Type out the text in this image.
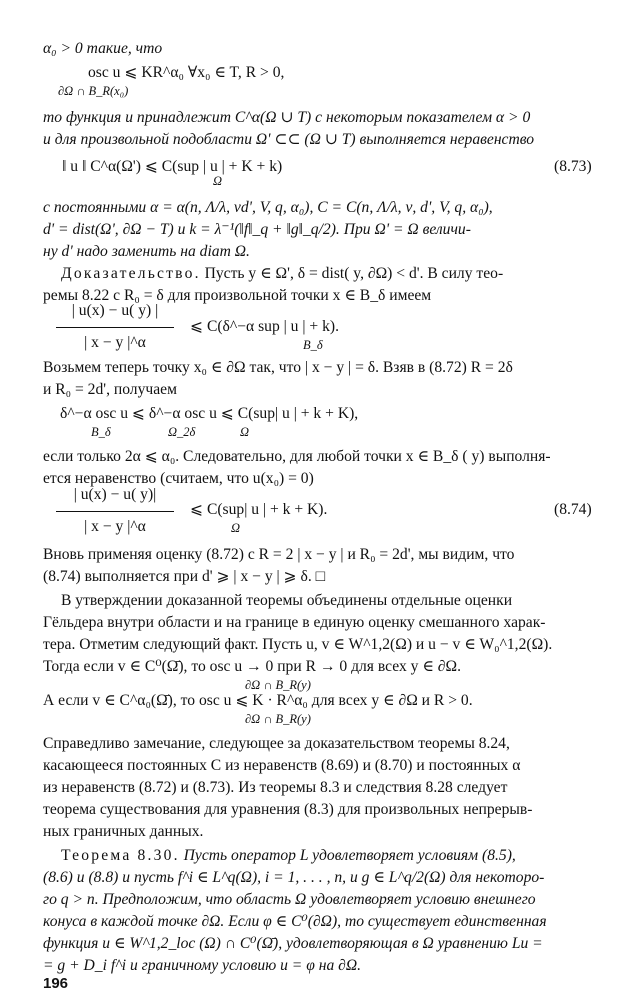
α₀ > 0 такие, что
osc u ⩽ KR^α₀ ∀x₀ ∈ T, R > 0,
∂Ω ∩ B_R(x₀)
то функция и принадлежит C^α(Ω ∪ T) с некоторым показателем α > 0
и для произвольной подобласти Ω' ⊂⊂ (Ω ∪ T) выполняется неравенство
‖ u ‖ C^α(Ω') ⩽ C(sup | u | + K + k)
Ω
(8.73)
с постоянными α = α(n, Λ/λ, νd', V, q, α₀), C = C(n, Λ/λ, ν, d', V, q, α₀),
d' = dist(Ω', ∂Ω − T) и k = λ⁻¹(‖f‖_q + ‖g‖_q/2). При Ω' = Ω величи-
ну d' надо заменить на diam Ω.
Доказательство. Пусть y ∈ Ω', δ = dist( y, ∂Ω) < d'. В силу тео-
ремы 8.22 с R₀ = δ для произвольной точки x ∈ B_δ имеем
| u(x) − u( y) |
| x − y |^α
⩽ C(δ^−α sup | u | + k).
B_δ
Возьмем теперь точку x₀ ∈ ∂Ω так, что | x − y | = δ. Взяв в (8.72) R = 2δ
и R₀ = 2d', получаем
δ^−α osc u ⩽ δ^−α osc u ⩽ C(sup| u | + k + K),
B_δ	Ω_2δ	Ω
если только 2α ⩽ α₀. Следовательно, для любой точки x ∈ B_δ ( y) выполня-
ется неравенство (считаем, что u(x₀) = 0)
| u(x) − u( y)|
| x − y |^α
⩽ C(sup| u | + k + K).
Ω
(8.74)
Вновь применяя оценку (8.72) с R = 2 | x − y | и R₀ = 2d', мы видим, что
(8.74) выполняется при d' ⩾ | x − y | ⩾ δ. □
В утверждении доказанной теоремы объединены отдельные оценки
Гёльдера внутри области и на границе в единую оценку смешанного харак-
тера. Отметим следующий факт. Пусть u, v ∈ W^1,2(Ω) и u − v ∈ W₀^1,2(Ω).
Тогда если v ∈ C⁰(Ω̄), то osc u → 0 при R → 0 для всех y ∈ ∂Ω.
∂Ω ∩ B_R(y)
А если v ∈ C^α₀(Ω̄), то osc u ⩽ K · R^α₀ для всех y ∈ ∂Ω и R > 0.
∂Ω ∩ B_R(y)
Справедливо замечание, следующее за доказательством теоремы 8.24,
касающееся постоянных C из неравенств (8.69) и (8.70) и постоянных α
из неравенств (8.72) и (8.73). Из теоремы 8.3 и следствия 8.28 следует
теорема существования для уравнения (8.3) для произвольных непрерыв-
ных граничных данных.
Теорема 8.30. Пусть оператор L удовлетворяет условиям (8.5),
(8.6) и (8.8) и пусть f^i ∈ L^q(Ω), i = 1, . . . , n, и g ∈ L^q/2(Ω) для некоторо-
го q > n. Предположим, что область Ω удовлетворяет условию внешнего
конуса в каждой точке ∂Ω. Если φ ∈ C⁰(∂Ω), то существует единственная
функция u ∈ W^1,2_loc (Ω) ∩ C⁰(Ω̄), удовлетворяющая в Ω уравнению Lu =
= g + D_i f^i и граничному условию u = φ на ∂Ω.
196
